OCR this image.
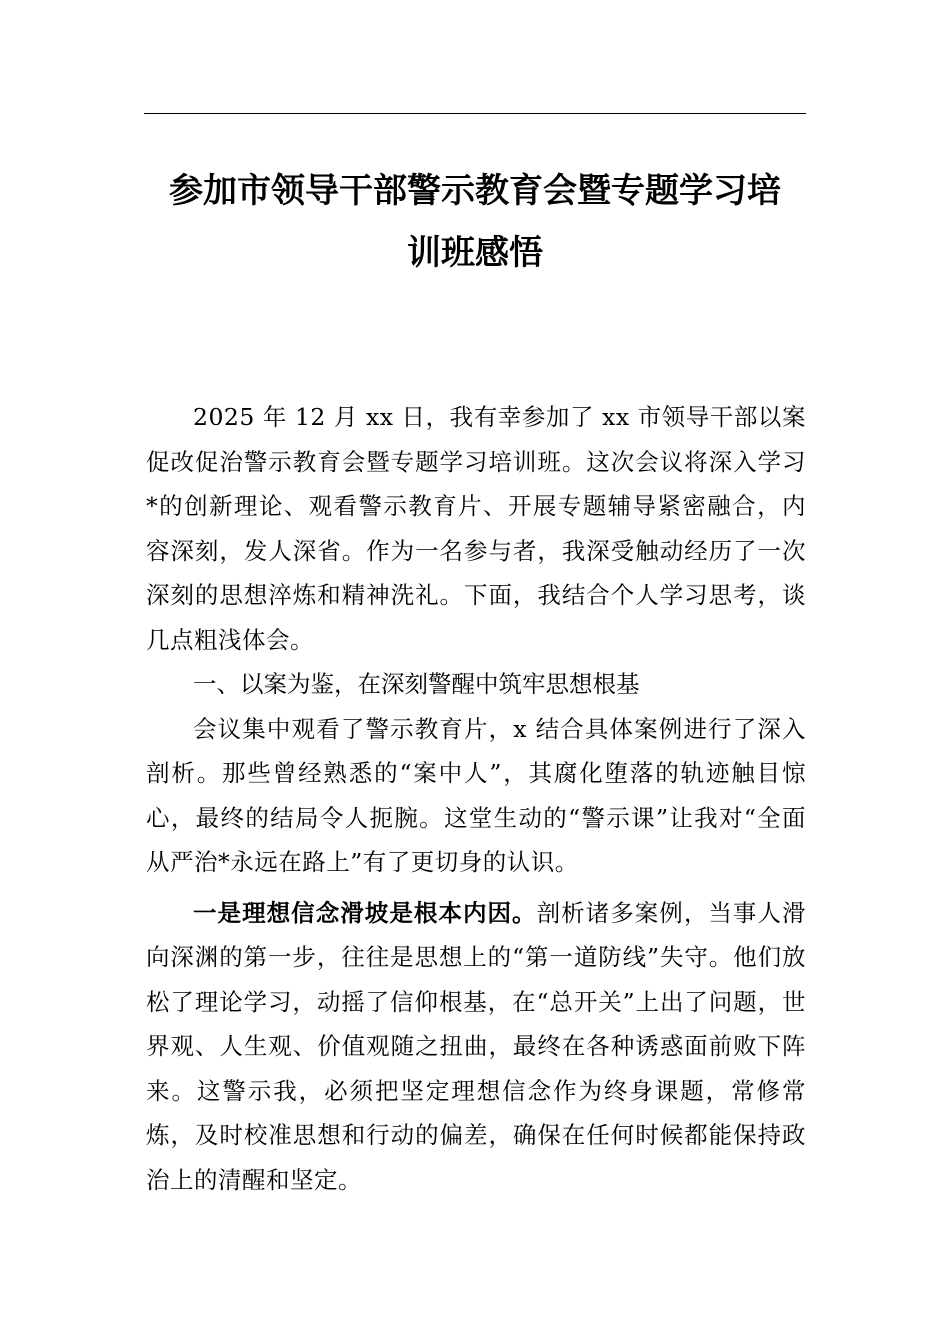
参加市领导干部警示教育会暨专题学习培
训班感悟

2025 年 12 月 xx 日，我有幸参加了 xx 市领导干部以案促改促治警示教育会暨专题学习培训班。这次会议将深入学习*的创新理论、观看警示教育片、开展专题辅导紧密融合，内容深刻，发人深省。作为一名参与者，我深受触动经历了一次深刻的思想淬炼和精神洗礼。下面，我结合个人学习思考，谈几点粗浅体会。

一、以案为鉴，在深刻警醒中筑牢思想根基

会议集中观看了警示教育片，x 结合具体案例进行了深入剖析。那些曾经熟悉的“案中人”，其腐化堕落的轨迹触目惊心，最终的结局令人扼腕。这堂生动的“警示课”让我对“全面从严治*永远在路上”有了更切身的认识。

一是理想信念滑坡是根本内因。剖析诸多案例，当事人滑向深渊的第一步，往往是思想上的“第一道防线”失守。他们放松了理论学习，动摇了信仰根基，在“总开关”上出了问题，世界观、人生观、价值观随之扭曲，最终在各种诱惑面前败下阵来。这警示我，必须把坚定理想信念作为终身课题，常修常炼，及时校准思想和行动的偏差，确保在任何时候都能保持政治上的清醒和坚定。
